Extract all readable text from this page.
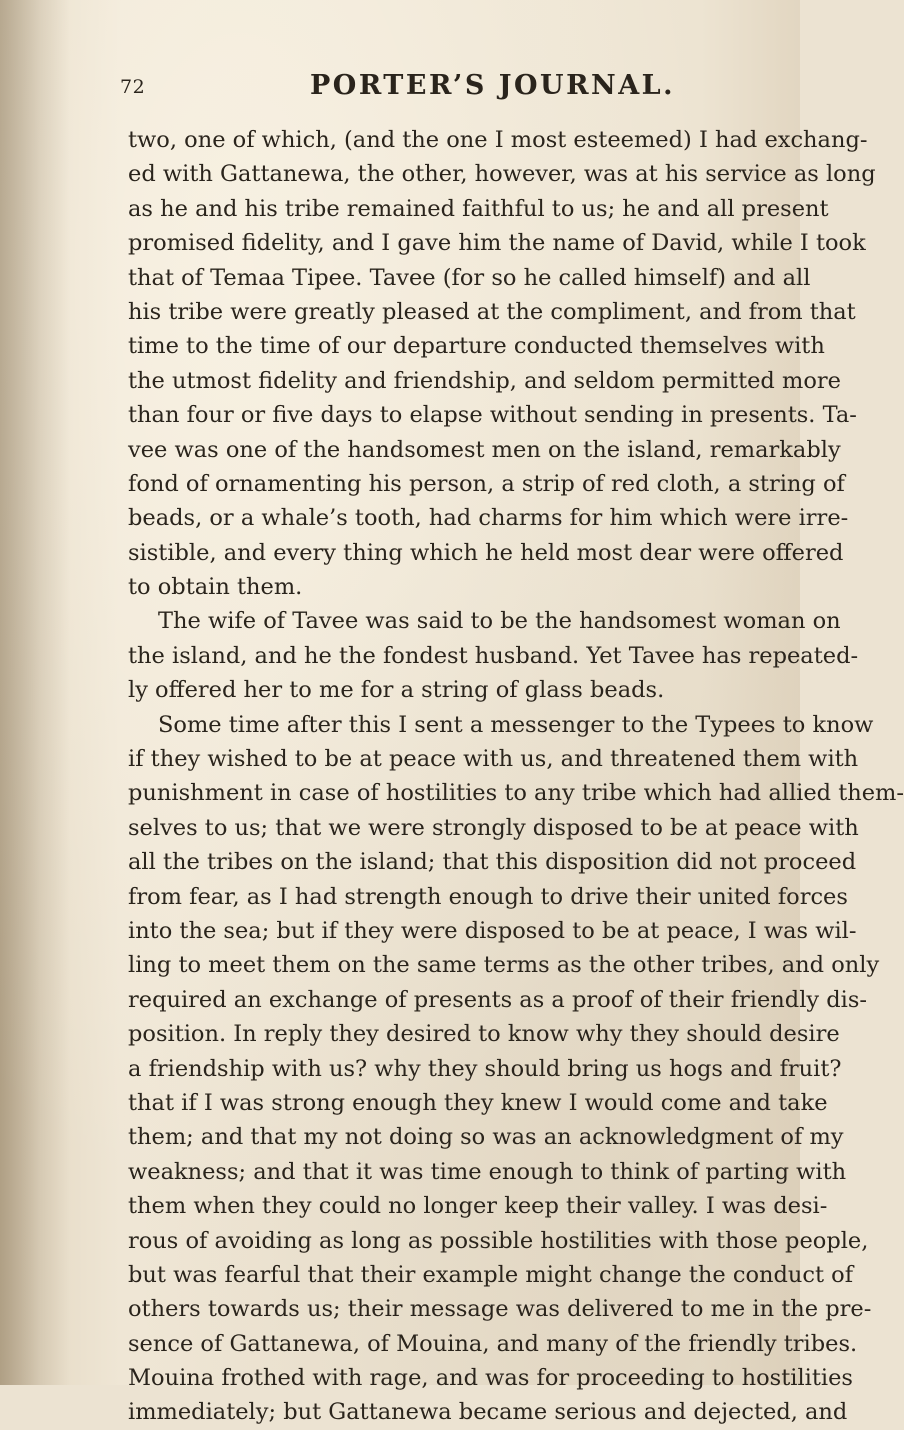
72	PORTER’S JOURNAL.
two, one of which, (and the one I most esteemed) I had exchang-
ed with Gattanewa, the other, however, was at his service as long
as he and his tribe remained faithful to us; he and all present
promised fidelity, and I gave him the name of David, while I took
that of Temaa Tipee. Tavee (for so he called himself) and all
his tribe were greatly pleased at the compliment, and from that
time to the time of our departure conducted themselves with
the utmost fidelity and friendship, and seldom permitted more
than four or five days to elapse without sending in presents. Ta-
vee was one of the handsomest men on the island, remarkably
fond of ornamenting his person, a strip of red cloth, a string of
beads, or a whale’s tooth, had charms for him which were irre-
sistible, and every thing which he held most dear were offered
to obtain them.
The wife of Tavee was said to be the handsomest woman on
the island, and he the fondest husband. Yet Tavee has repeated-
ly offered her to me for a string of glass beads.
Some time after this I sent a messenger to the Typees to know
if they wished to be at peace with us, and threatened them with
punishment in case of hostilities to any tribe which had allied them-
selves to us; that we were strongly disposed to be at peace with
all the tribes on the island; that this disposition did not proceed
from fear, as I had strength enough to drive their united forces
into the sea; but if they were disposed to be at peace, I was wil-
ling to meet them on the same terms as the other tribes, and only
required an exchange of presents as a proof of their friendly dis-
position. In reply they desired to know why they should desire
a friendship with us? why they should bring us hogs and fruit?
that if I was strong enough they knew I would come and take
them; and that my not doing so was an acknowledgment of my
weakness; and that it was time enough to think of parting with
them when they could no longer keep their valley. I was desi-
rous of avoiding as long as possible hostilities with those people,
but was fearful that their example might change the conduct of
others towards us; their message was delivered to me in the pre-
sence of Gattanewa, of Mouina, and many of the friendly tribes.
Mouina frothed with rage, and was for proceeding to hostilities
immediately; but Gattanewa became serious and dejected, and
